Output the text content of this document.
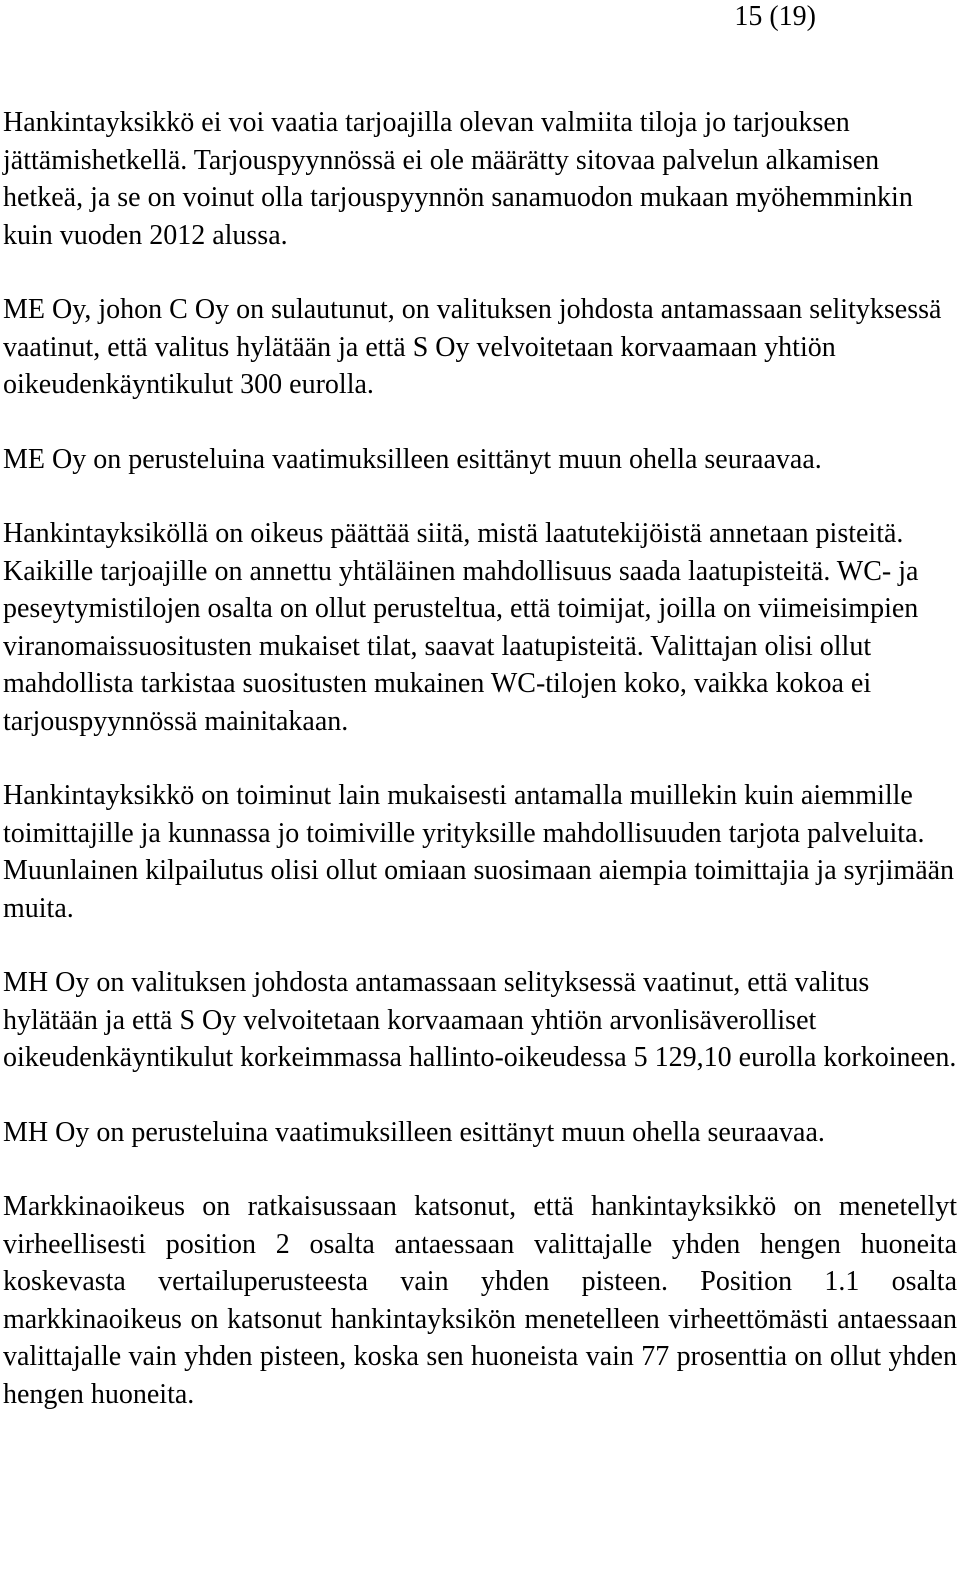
15 (19)

Hankintayksikkö ei voi vaatia tarjoajilla olevan valmiita tiloja jo tarjouksen jättämishetkellä. Tarjouspyynnössä ei ole määrätty sitovaa palvelun alkamisen hetkeä, ja se on voinut olla tarjouspyynnön sanamuodon mukaan myöhemminkin kuin vuoden 2012 alussa.

ME Oy, johon C Oy on sulautunut, on valituksen johdosta antamassaan selityksessä vaatinut, että valitus hylätään ja että S Oy velvoitetaan korvaamaan yhtiön oikeudenkäyntikulut 300 eurolla.

ME Oy on perusteluina vaatimuksilleen esittänyt muun ohella seuraavaa.

Hankintayksiköllä on oikeus päättää siitä, mistä laatutekijöistä annetaan pisteitä. Kaikille tarjoajille on annettu yhtäläinen mahdollisuus saada laatupisteitä. WC- ja peseytymistilojen osalta on ollut perusteltua, että toimijat, joilla on viimeisimpien viranomaissuositusten mukaiset tilat, saavat laatupisteitä. Valittajan olisi ollut mahdollista tarkistaa suositusten mukainen WC-tilojen koko, vaikka kokoa ei tarjouspyynnössä mainitakaan.

Hankintayksikkö on toiminut lain mukaisesti antamalla muillekin kuin aiemmille toimittajille ja kunnassa jo toimiville yrityksille mahdollisuuden tarjota palveluita. Muunlainen kilpailutus olisi ollut omiaan suosimaan aiempia toimittajia ja syrjimään muita.

MH Oy on valituksen johdosta antamassaan selityksessä vaatinut, että valitus hylätään ja että S Oy velvoitetaan korvaamaan yhtiön arvonlisäverolliset oikeudenkäyntikulut korkeimmassa hallinto-oikeudessa 5 129,10 eurolla korkoineen.

MH Oy on perusteluina vaatimuksilleen esittänyt muun ohella seuraavaa.

Markkinaoikeus on ratkaisussaan katsonut, että hankintayksikkö on menetellyt virheellisesti position 2 osalta antaessaan valittajalle yhden hengen huoneita koskevasta vertailuperusteesta vain yhden pisteen. Position 1.1 osalta markkinaoikeus on katsonut hankintayksikön menetelleen virheettömästi antaessaan valittajalle vain yhden pisteen, koska sen huoneista vain 77 prosenttia on ollut yhden hengen huoneita.
